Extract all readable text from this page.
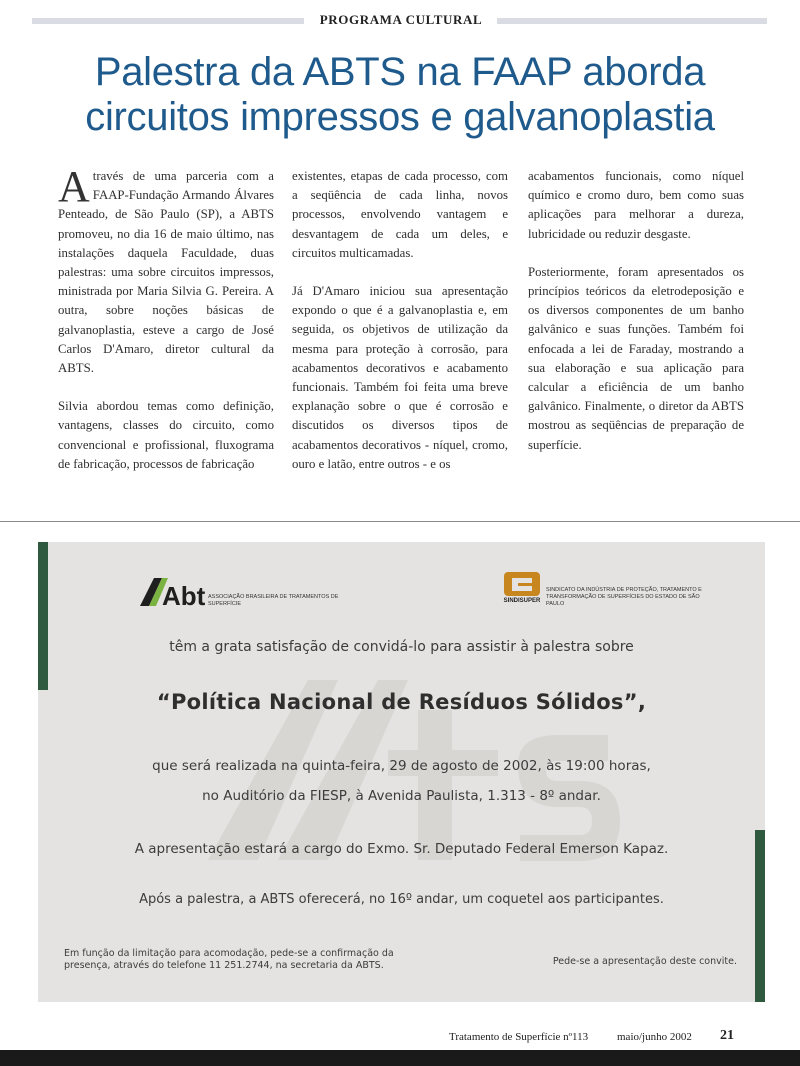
PROGRAMA CULTURAL
Palestra da ABTS na FAAP aborda circuitos impressos e galvanoplastia

Através de uma parceria com a FAAP-Fundação Armando Álvares Penteado, de São Paulo (SP), a ABTS promoveu, no dia 16 de maio último, nas instalações daquela Faculdade, duas palestras: uma sobre circuitos impressos, ministrada por Maria Silvia G. Pereira. A outra, sobre noções básicas de galvanoplastia, esteve a cargo de José Carlos D'Amaro, diretor cultural da ABTS.

Silvia abordou temas como definição, vantagens, classes do circuito, como convencional e profissional, fluxograma de fabricação, processos de fabricação

existentes, etapas de cada processo, com a seqüência de cada linha, novos processos, envolvendo vantagem e desvantagem de cada um deles, e circuitos multicamadas.

Já D'Amaro iniciou sua apresentação expondo o que é a galvanoplastia e, em seguida, os objetivos de utilização da mesma para proteção à corrosão, para acabamentos decorativos e acabamento funcionais. Também foi feita uma breve explanação sobre o que é corrosão e discutidos os diversos tipos de acabamentos decorativos - níquel, cromo, ouro e latão, entre outros - e os

acabamentos funcionais, como níquel químico e cromo duro, bem como suas aplicações para melhorar a dureza, lubricidade ou reduzir desgaste.

Posteriormente, foram apresentados os princípios teóricos da eletrodeposição e os diversos componentes de um banho galvânico e suas funções. Também foi enfocada a lei de Faraday, mostrando a sua elaboração e sua aplicação para calcular a eficiência de um banho galvânico. Finalmente, o diretor da ABTS mostrou as seqüências de preparação de superfície.

Abt ASSOCIAÇÃO BRASILEIRA DE TRATAMENTOS DE SUPERFÍCIE	SINDISUPER
SINDICATO DA INDÚSTRIA DE PROTEÇÃO, TRATAMENTO E TRANSFORMAÇÃO DE SUPERFÍCIES DO ESTADO DE SÃO PAULO
têm a grata satisfação de convidá-lo para assistir à palestra sobre
“Política Nacional de Resíduos Sólidos”,
que será realizada na quinta-feira, 29 de agosto de 2002, às 19:00 horas,
no Auditório da FIESP, à Avenida Paulista, 1.313 - 8º andar.
A apresentação estará a cargo do Exmo. Sr. Deputado Federal Emerson Kapaz.
Após a palestra, a ABTS oferecerá, no 16º andar, um coquetel aos participantes.
Em função da limitação para acomodação, pede-se a confirmação da presença, através do telefone 11 251.2744, na secretaria da ABTS.	Pede-se a apresentação deste convite.
Tratamento de Superfície nº113	maio/junho 2002 21
